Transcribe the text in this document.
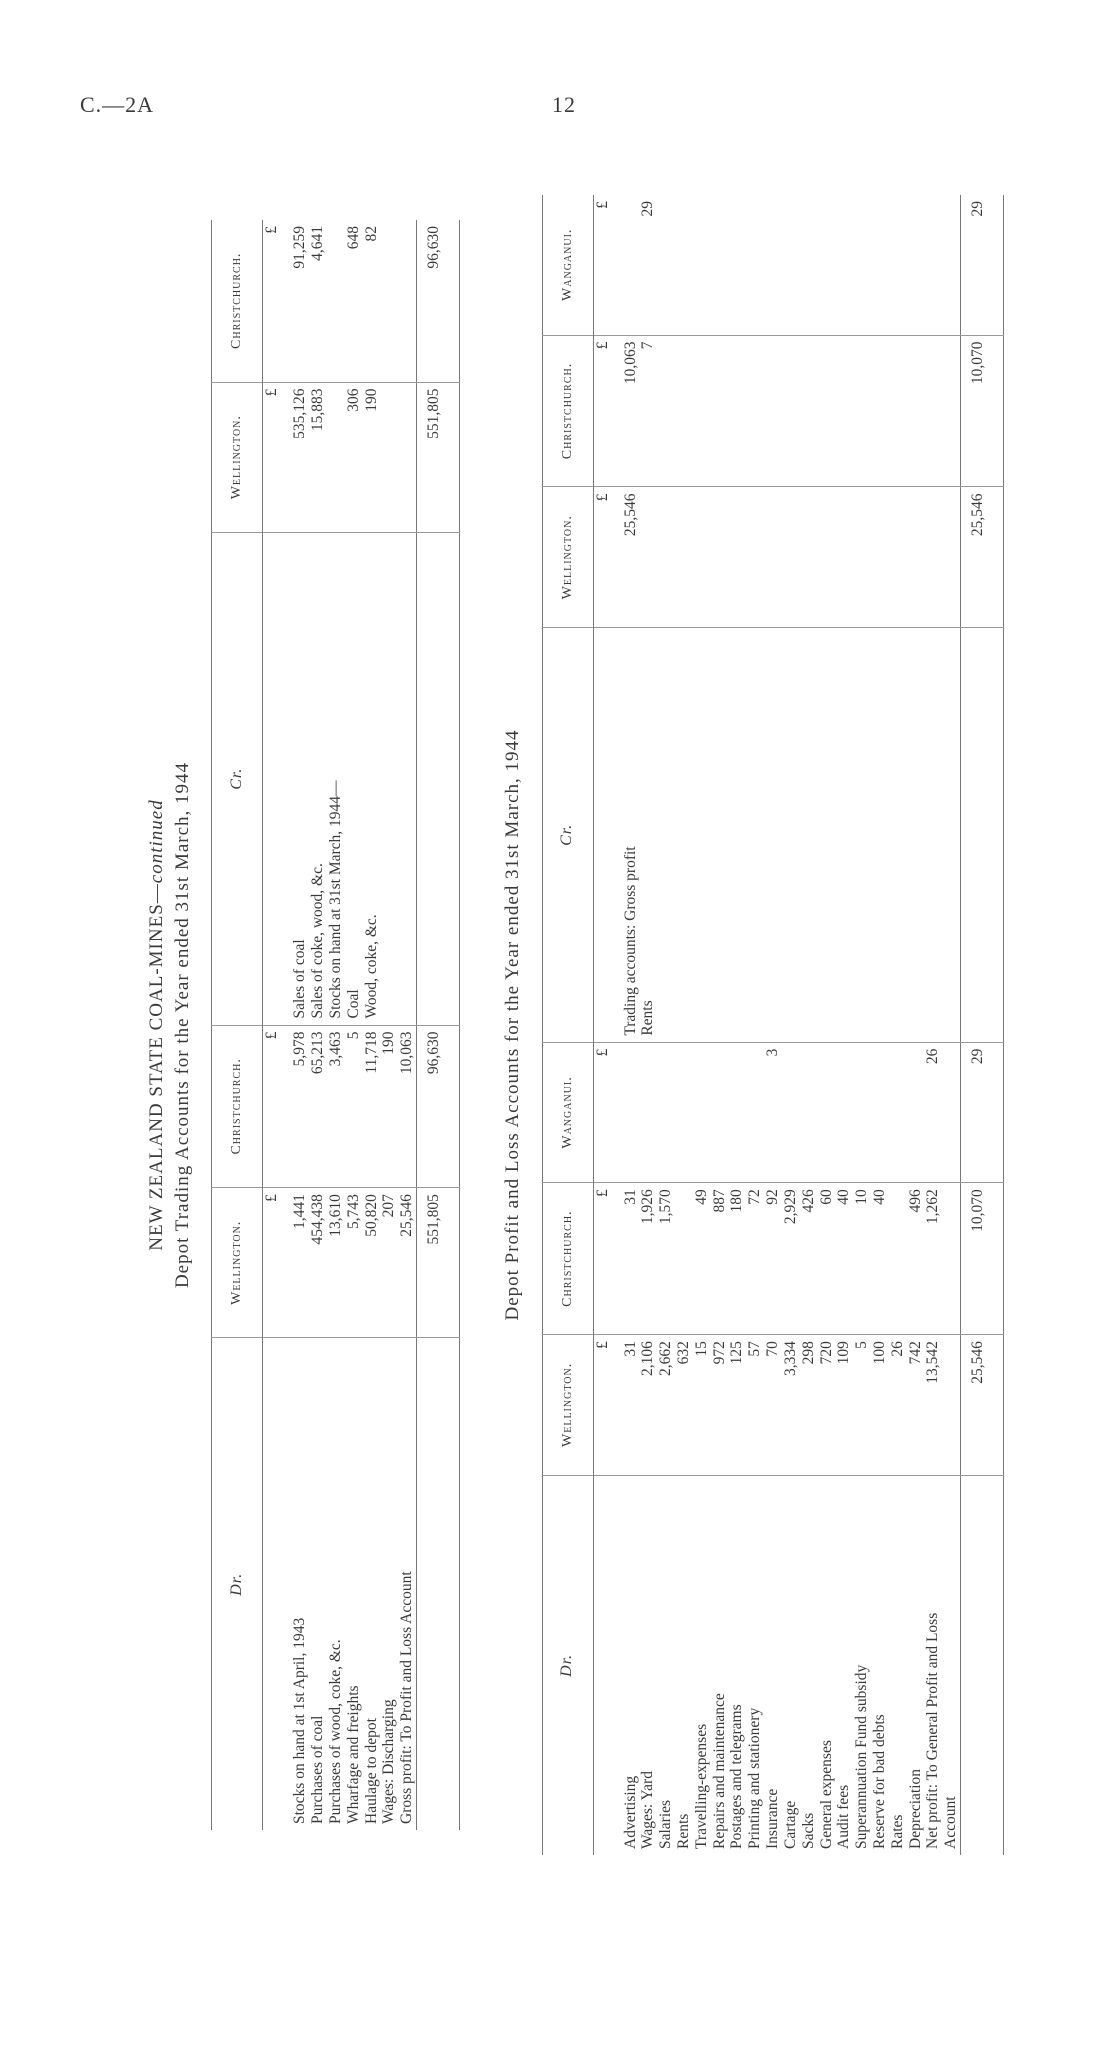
C.—2A	12
NEW ZEALAND STATE COAL-MINES—continued Depot Trading Accounts for the Year ended 31st March, 1944
Dr.	Wellington.	Christchurch.	Cr.	Wellington.	Christchurch.
	£	£		£	£
Stocks on hand at 1st April, 1943	1,441	5,978	Sales of coal	535,126	91,259
Purchases of coal	454,438	65,213	Sales of coke, wood, &c.	15,883	4,641
Purchases of wood, coke, &c.	13,610	3,463	Stocks on hand at 31st March, 1944—		
Wharfage and freights	5,743	5	Coal	306	648
Haulage to depot	50,820	11,718	Wood, coke, &c.	190	82
Wages: Discharging	207	190			
Gross profit: To Profit and Loss Account	25,546	10,063			
	551,805	96,630		551,805	96,630
Depot Profit and Loss Accounts for the Year ended 31st March, 1944
Dr.	Wellington.	Christchurch.	Wanganui.	Cr.	Wellington.	Christchurch.	Wanganui.
	£	£	£		£	£	£
Advertising	31	31		Trading accounts: Gross profit	25,546	10,063	
Wages: Yard	2,106	1,926		Rents		7	29
Salaries	2,662	1,570					
Rents	632						
Travelling-expenses	15	49					
Repairs and maintenance	972	887					
Postages and telegrams	125	180					
Printing and stationery	57	72					
Insurance	70	92	3				
Cartage	3,334	2,929					
Sacks	298	426					
General expenses	720	60					
Audit fees	109	40					
Superannuation Fund subsidy	5	10					
Reserve for bad debts	100	40					
Rates	26						
Depreciation	742	496					
Net profit: To General Profit and Loss	13,542	1,262	26				
Account							
	25,546	10,070	29		25,546	10,070	29
